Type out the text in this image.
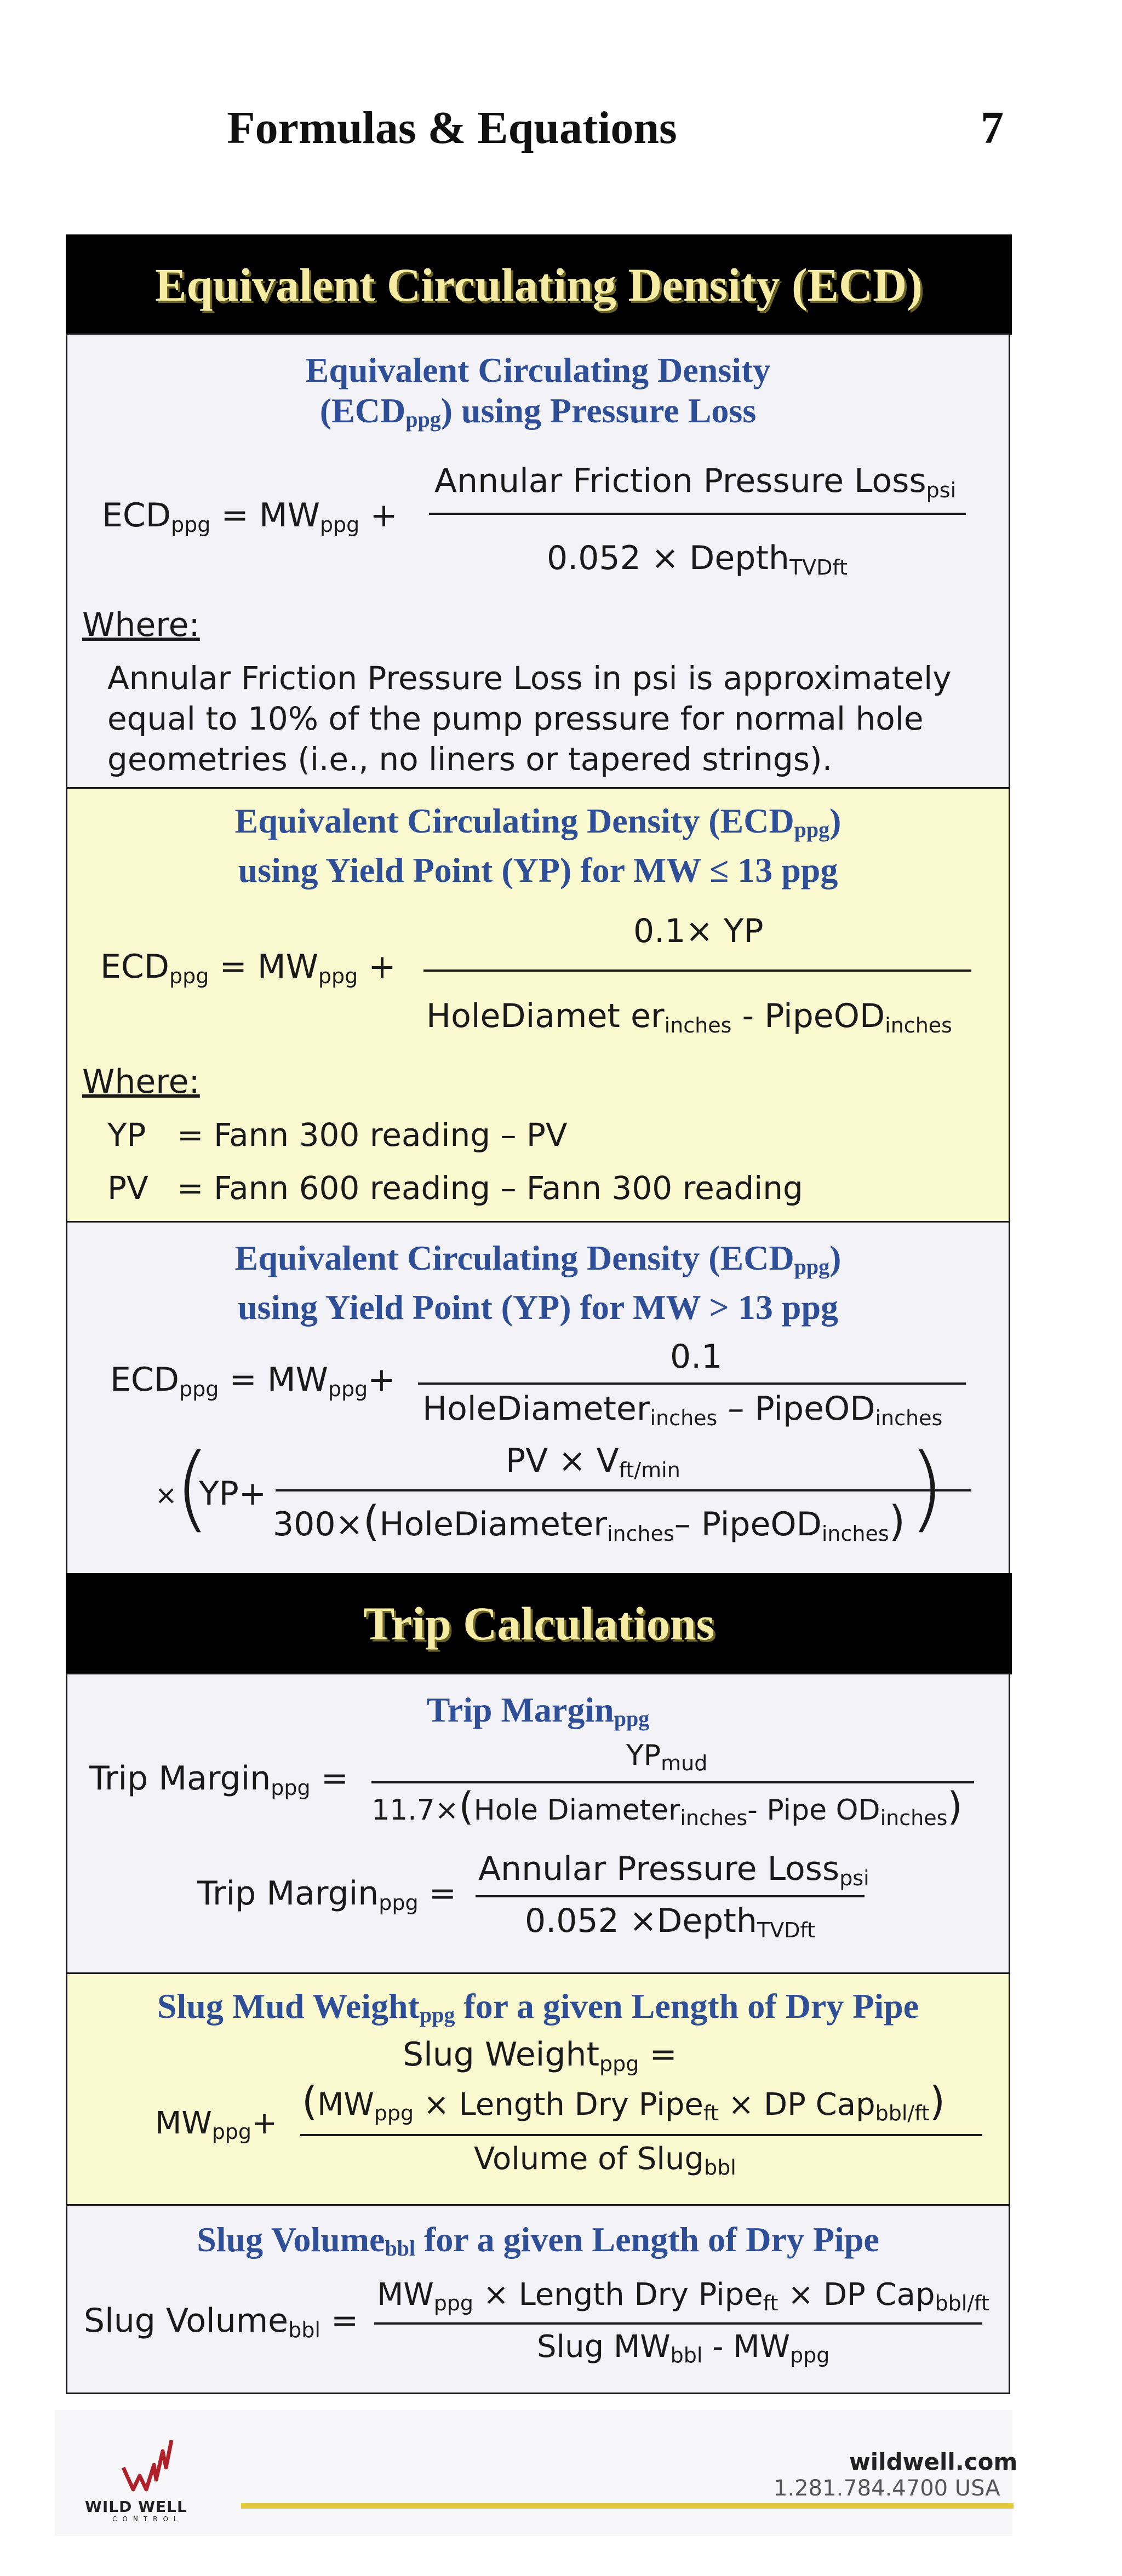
Formulas & Equations	7
Equivalent Circulating Density (ECD)
Equivalent Circulating Density
$(ECD_{ppg})$ using Pressure Loss
$ECD_{ppg} = MW_{ppg}$ +
Annular Friction Pressure Loss$_{psi}$
0.052 × Depth$_{TVDft}$
Where:
Annular Friction Pressure Loss in psi is approximately
equal to 10% of the pump pressure for normal hole
geometries (i.e., no liners or tapered strings).
Equivalent Circulating Density $(ECD_{ppg})$
using Yield Point (YP) for MW ≤ 13 ppg
$ECD_{ppg} = MW_{ppg}$ +
0.1× YP
HoleDiamet $er_{inches}$ - PipeOD$_{inches}$
Where:
YP = Fann 300 reading – PV
PV = Fann 600 reading – Fann 300 reading
Equivalent Circulating Density $(ECD_{ppg})$
using Yield Point (YP) for MW > 13 ppg
$ECD_{ppg} = MW_{ppg}+$
0.1
HoleDiameter$_{inches}$ – PipeOD$_{inches}$
×
(
YP+
PV × $V_{ft/min}$
300×(HoleDiameter$_{inches}$– PipeOD$_{inches}$) )
Trip Calculations
Trip Margin$_{ppg}$
Trip Margin$_{ppg}$ =
$YP_{mud}$
11.7×(Hole Diameter$_{inches}$- Pipe $OD_{inches}$)
Trip Margin$_{ppg}$ =
Annular Pressure Loss$_{psi}$
0.052 ×Depth$_{TVDft}$
Slug Mud Weight$_{ppg}$ for a given Length of Dry Pipe
Slug Weight$_{ppg}$ =
$MW_{ppg}+ (MW_{ppg}$ × Length Dry Pipe$_{ft}$ × DP Cap$_{bbl/ft}$)
Volume of Slug$_{bbl}$
Slug Volume$_{bbl}$ for a given Length of Dry Pipe
Slug Volume$_{bbl}$ =
$MW_{ppg}$ × Length Dry Pipe$_{ft}$ × DP Cap$_{bbl/ft}$
Slug $MW_{bbl} - MW_{ppg}$
WILD WELL
CONTROL
wildwell.com
1.281.784.4700 USA
